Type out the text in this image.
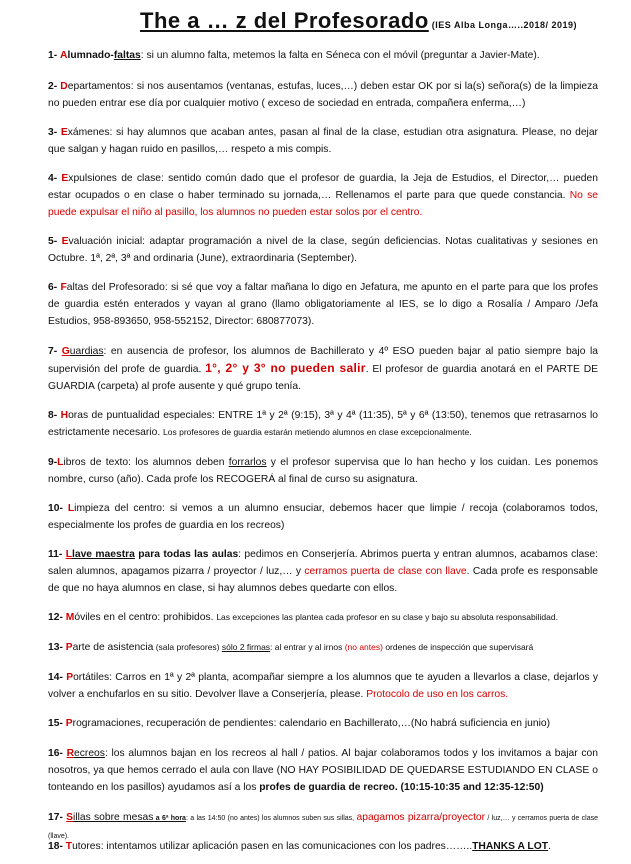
The a … z del Profesorado (IES Alba Longa…..2018/ 2019)
1- Alumnado-faltas: si un alumno falta, metemos la falta en Séneca con el móvil (preguntar a Javier-Mate).
2- Departamentos: si nos ausentamos (ventanas, estufas, luces,…) deben estar OK por si la(s) señora(s) de la limpieza no pueden entrar ese día por cualquier motivo ( exceso de sociedad en entrada, compañera enferma,…)
3- Exámenes: si hay alumnos que acaban antes, pasan al final de la clase, estudian otra asignatura. Please, no dejar que salgan y hagan ruido en pasillos,… respeto a mis compis.
4- Expulsiones de clase: sentido común dado que el profesor de guardia, la Jeja de Estudios, el Director,… pueden estar ocupados o en clase o haber terminado su jornada,… Rellenamos el parte para que quede constancia. No se puede expulsar el niño al pasillo, los alumnos no pueden estar solos por el centro.
5- Evaluación inicial: adaptar programación a nivel de la clase, según deficiencias. Notas cualitativas y sesiones en Octubre. 1ª, 2ª, 3ª and ordinaria (June), extraordinaria (September).
6- Faltas del Profesorado: si sé que voy a faltar mañana lo digo en Jefatura, me apunto en el parte para que los profes de guardia estén enterados y vayan al grano (llamo obligatoriamente al IES, se lo digo a Rosalía / Amparo /Jefa Estudios, 958-893650, 958-552152, Director: 680877073).
7- Guardias: en ausencia de profesor, los alumnos de Bachillerato y 4º ESO pueden bajar al patio siempre bajo la supervisión del profe de guardia. 1°, 2° y 3° no pueden salir. El profesor de guardia anotará en el PARTE DE GUARDIA (carpeta) al profe ausente y qué grupo tenía.
8- Horas de puntualidad especiales: ENTRE 1ª y 2ª (9:15), 3ª y 4ª (11:35), 5ª y 6ª (13:50), tenemos que retrasarnos lo estrictamente necesario. Los profesores de guardia estarán metiendo alumnos en clase excepcionalmente.
9-Libros de texto: los alumnos deben forrarlos y el profesor supervisa que lo han hecho y los cuidan. Les ponemos nombre, curso (año). Cada profe los RECOGERÁ al final de curso su asignatura.
10- Limpieza del centro: si vemos a un alumno ensuciar, debemos hacer que limpie / recoja (colaboramos todos, especialmente los profes de guardia en los recreos)
11- Llave maestra para todas las aulas: pedimos en Conserjería. Abrimos puerta y entran alumnos, acabamos clase: salen alumnos, apagamos pizarra / proyector / luz,… y cerramos puerta de clase con llave. Cada profe es responsable de que no haya alumnos en clase, si hay alumnos debes quedarte con ellos.
12- Móviles en el centro: prohibidos. Las excepciones las plantea cada profesor en su clase y bajo su absoluta responsabilidad.
13- Parte de asistencia (sala profesores) sólo 2 firmas: al entrar y al irnos (no antes) ordenes de inspección que supervisará
14- Portátiles: Carros en 1ª y 2ª planta, acompañar siempre a los alumnos que te ayuden a llevarlos a clase, dejarlos y volver a enchufarlos en su sitio. Devolver llave a Conserjería, please. Protocolo de uso en los carros.
15- Programaciones, recuperación de pendientes: calendario en Bachillerato,…(No habrá suficiencia en junio)
16- Recreos: los alumnos bajan en los recreos al hall / patios. Al bajar colaboramos todos y los invitamos a bajar con nosotros, ya que hemos cerrado el aula con llave (NO HAY POSIBILIDAD DE QUEDARSE ESTUDIANDO EN CLASE o tonteando en los pasillos) ayudamos así a los profes de guardia de recreo. (10:15-10:35 and 12:35-12:50)
17- Sillas sobre mesas a 6ª hora: a las 14:50 (no antes) los alumnos suben sus sillas, apagamos pizarra/proyector / luz,… y cerramos puerta de clase (llave).
18- Tutores: intentamos utilizar aplicación pasen en las comunicaciones con los padres……..THANKS A LOT.
